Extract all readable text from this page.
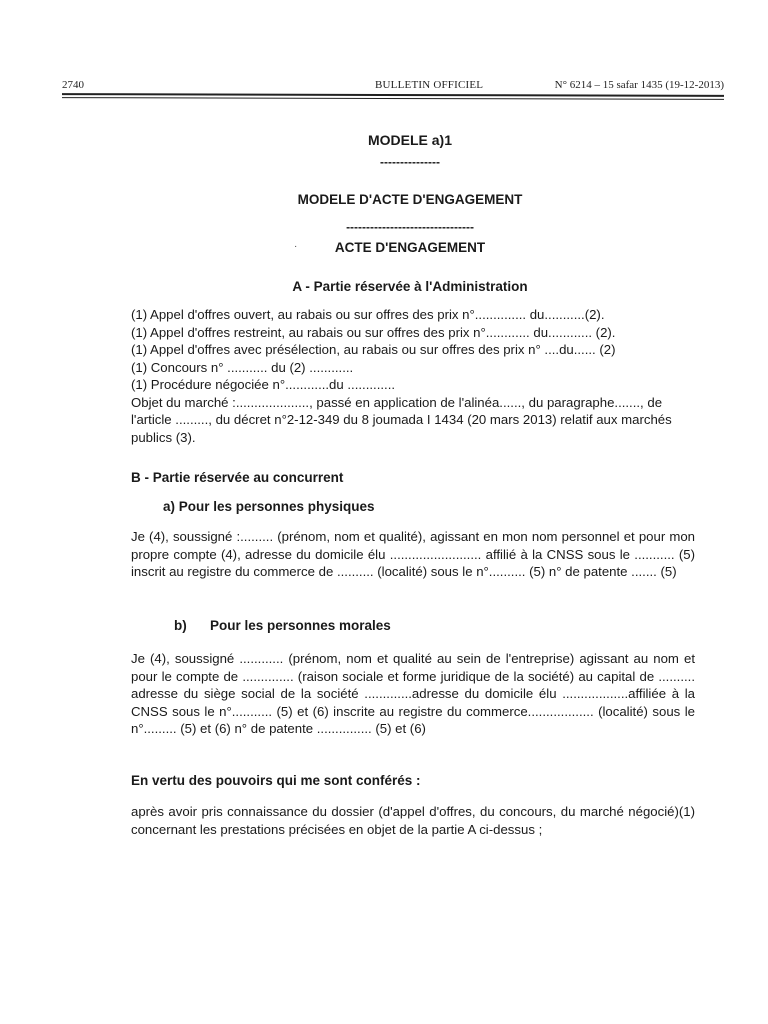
2740	BULLETIN OFFICIEL	N° 6214 – 15 safar 1435 (19-12-2013)
MODELE a)1
---------------
MODELE D'ACTE D'ENGAGEMENT
--------------------------------
·	ACTE D'ENGAGEMENT
A - Partie réservée à l'Administration

(1) Appel d'offres ouvert, au rabais ou sur offres des prix n°.............. du...........(2).

(1) Appel d'offres restreint, au rabais ou sur offres des prix n°............ du............ (2).

(1) Appel d'offres avec présélection, au rabais ou sur offres des prix n° ....du...... (2)

(1) Concours n° ........... du (2) ............

(1) Procédure négociée n°............du .............

Objet du marché :...................., passé en application de l'alinéa......, du paragraphe......., de l'article ........., du décret n°2-12-349 du 8 joumada I 1434 (20 mars 2013) relatif aux marchés publics (3).

B - Partie réservée au concurrent
a) Pour les personnes physiques

Je (4), soussigné :......... (prénom, nom et qualité), agissant en mon nom personnel et pour mon propre compte (4), adresse du domicile élu ......................... affilié à la CNSS sous le ........... (5) inscrit au registre du commerce de .......... (localité) sous le n°.......... (5) n° de patente ....... (5)

b) Pour les personnes morales

Je (4), soussigné ............ (prénom, nom et qualité au sein de l'entreprise) agissant au nom et pour le compte de .............. (raison sociale et forme juridique de la société) au capital de .......... adresse du siège social de la société .............adresse du domicile élu ..................affiliée à la CNSS sous le n°........... (5) et (6) inscrite au registre du commerce.................. (localité) sous le n°......... (5) et (6) n° de patente ............... (5) et (6)

En vertu des pouvoirs qui me sont conférés :

après avoir pris connaissance du dossier (d'appel d'offres, du concours, du marché négocié)(1) concernant les prestations précisées en objet de la partie A ci-dessus ;
